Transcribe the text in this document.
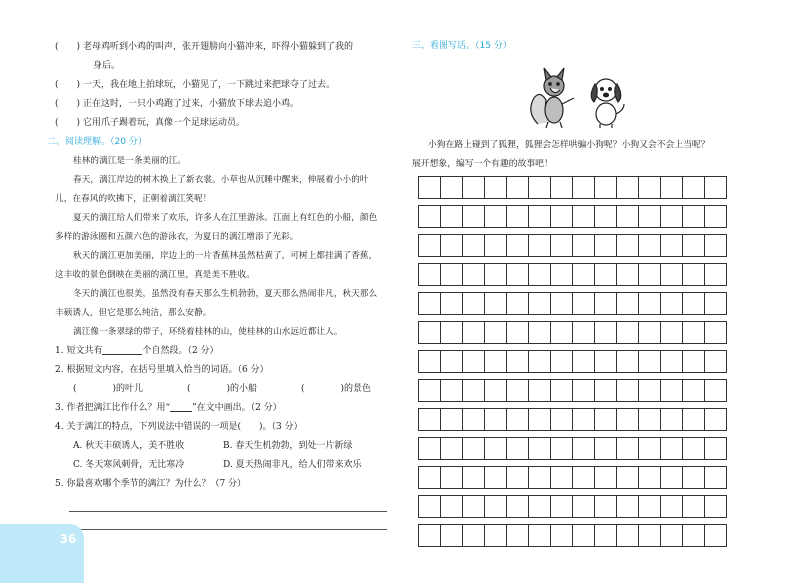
(　　) 老母鸡听到小鸡的叫声，张开翅膀向小猫冲来，吓得小猫躲到了我的
身后。
(　　) 一天，我在地上拍球玩，小猫见了，一下跳过来把球夺了过去。
(　　) 正在这时，一只小鸡跑了过来，小猫放下球去追小鸡。
(　　) 它用爪子踢着玩，真像一个足球运动员。
二、阅读理解。（20 分）

桂林的漓江是一条美丽的江。

春天，漓江岸边的树木换上了新衣裳。小草也从沉睡中醒来，伸展着小小的叶儿，在春风的吹拂下，正朝着漓江笑呢！

夏天的漓江给人们带来了欢乐，许多人在江里游泳。江面上有红色的小船，颜色多样的游泳圈和五颜六色的游泳衣，为夏日的漓江增添了光彩。

秋天的漓江更加美丽，岸边上的一片香蕉林虽然枯黄了，可树上都挂满了香蕉，这丰收的景色倒映在美丽的漓江里，真是美不胜收。

冬天的漓江也很美，虽然没有春天那么生机勃勃，夏天那么热闹非凡，秋天那么丰硕诱人，但它是那么纯洁，那么安静。

漓江像一条翠绿的带子，环绕着桂林的山，使桂林的山水远近都让人。

1. 短文共有	个自然段。（2 分）
2. 根据短文内容，在括号里填入恰当的词语。（6 分）
(　　　　)的叶儿	(　　　　)的小船	(　　　　)的景色
3. 作者把漓江比作什么？用“ ”在文中画出。（2 分）
4. 关于漓江的特点，下列说法中错误的一项是(　　)。（3 分）
A. 秋天丰硕诱人，美不胜收	B. 春天生机勃勃，到处一片新绿
C. 冬天寒风刺骨，无比寒冷	D. 夏天热闹非凡，给人们带来欢乐
5. 你最喜欢哪个季节的漓江？为什么？（7 分）
三、看图写话。（15 分）

小狗在路上碰到了狐狸，狐狸会怎样哄骗小狗呢？小狗又会不会上当呢？

展开想象，编写一个有趣的故事吧！

36
